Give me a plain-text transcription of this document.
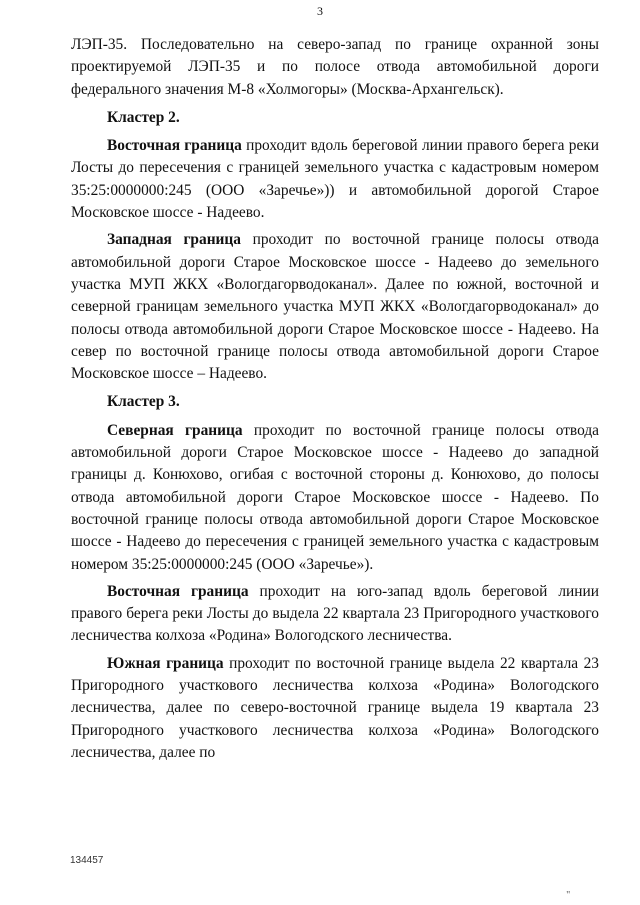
3

ЛЭП-35. Последовательно на северо-запад по границе охранной зоны проектируемой ЛЭП-35 и по полосе отвода автомобильной дороги федерального значения М-8 «Холмогоры» (Москва-Архангельск).

Кластер 2.

Восточная граница проходит вдоль береговой линии правого берега реки Лосты до пересечения с границей земельного участка с кадастровым номером 35:25:0000000:245 (ООО «Заречье»)) и автомобильной дорогой Старое Московское шоссе - Надеево.

Западная граница проходит по восточной границе полосы отвода автомобильной дороги Старое Московское шоссе - Надеево до земельного участка МУП ЖКХ «Вологдагорводоканал». Далее по южной, восточной и северной границам земельного участка МУП ЖКХ «Вологдагорводоканал» до полосы отвода автомобильной дороги Старое Московское шоссе - Надеево. На север по восточной границе полосы отвода автомобильной дороги Старое Московское шоссе – Надеево.

Кластер 3.

Северная граница проходит по восточной границе полосы отвода автомобильной дороги Старое Московское шоссе - Надеево до западной границы д. Конюхово, огибая с восточной стороны д. Конюхово, до полосы отвода автомобильной дороги Старое Московское шоссе - Надеево. По восточной границе полосы отвода автомобильной дороги Старое Московское шоссе - Надеево до пересечения с границей земельного участка с кадастровым номером 35:25:0000000:245 (ООО «Заречье»).

Восточная граница проходит на юго-запад вдоль береговой линии правого берега реки Лосты до выдела 22 квартала 23 Пригородного участкового лесничества колхоза «Родина» Вологодского лесничества.

Южная граница проходит по восточной границе выдела 22 квартала 23 Пригородного участкового лесничества колхоза «Родина» Вологодского лесничества, далее по северо-восточной границе выдела 19 квартала 23 Пригородного участкового лесничества колхоза «Родина» Вологодского лесничества, далее по

134457
''
